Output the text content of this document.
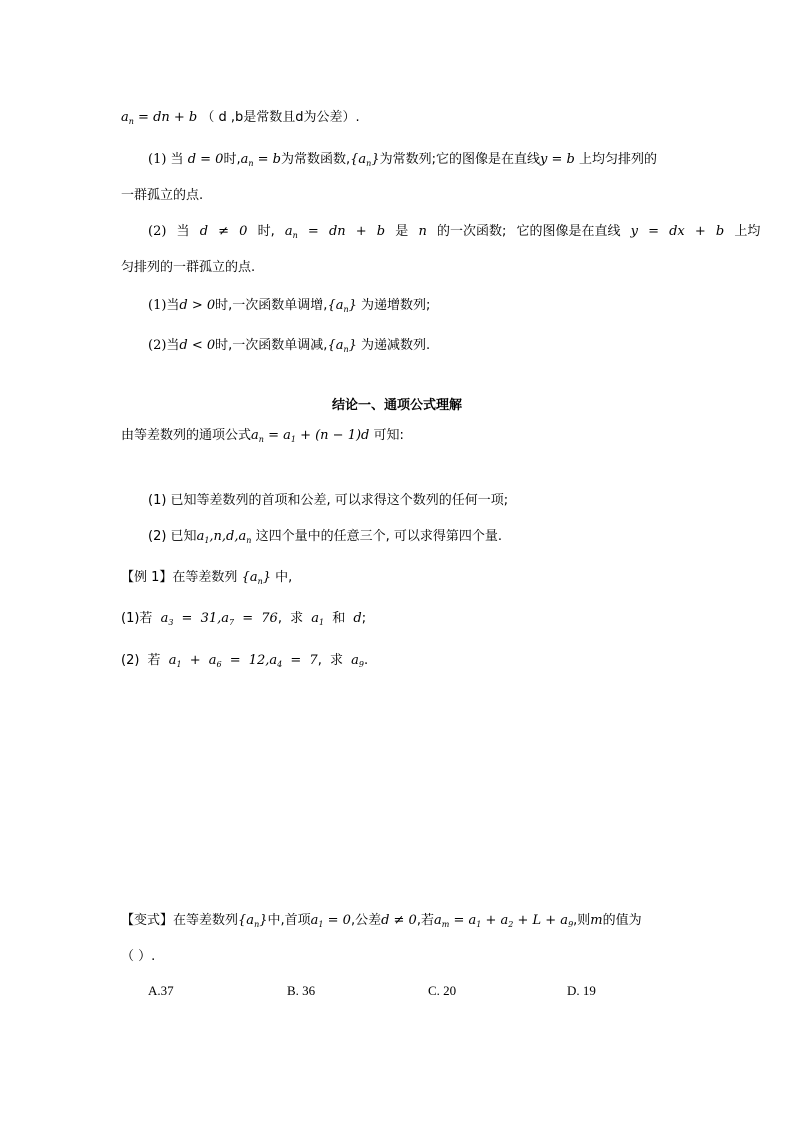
$a_n$ = dn + b （ d ,b是常数且d为公差）.
(1) 当 d = 0时$,a_n = b$为常数函数$,\{a_n\}$为常数列;它的图像是在直线y = b 上均匀排列的
一群孤立的点.
(2) 当 d ≠ 0 时, $a_n$ = dn + b 是 n 的一次函数; 它的图像是在直线 y = dx + b 上均
匀排列的一群孤立的点.
(1)当d > 0时,一次函数单调增$,\{a_n\}$ 为递增数列;
(2)当d < 0时,一次函数单调减$,\{a_n\}$ 为递减数列.
结论一、通项公式理解
由等差数列的通项公式$a_n = a_1 + (n - 1)d$ 可知:
(1) 已知等差数列的首项和公差, 可以求得这个数列的任何一项;
(2) 已知$a_1,n,d,a_n$ 这四个量中的任意三个, 可以求得第四个量.
【例 1】在等差数列 $\{a_n\}$ 中,
(1)若 $a_3 = 31,a_7 = 76$, 求 $a_1$ 和 d;
(2) 若 $a_1 + a_6 = 12,a_4 = 7$, 求 $a_9$.
【变式】在等差数列$\{a_n\}$中,首项$a_1 = 0$,公差d ≠ 0,若$a_m = a_1 + a_2 + L + a_9$,则m的值为
（ ）.
A.37	B. 36	C. 20	D. 19
